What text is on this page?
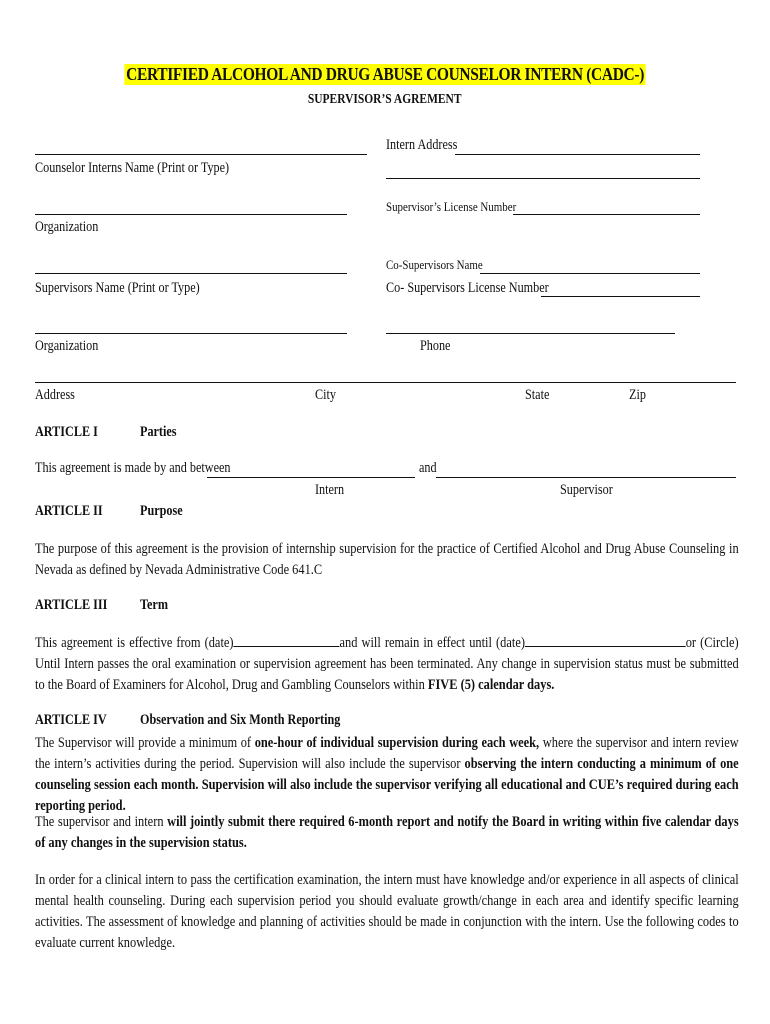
CERTIFIED ALCOHOL AND DRUG ABUSE COUNSELOR INTERN (CADC-)
SUPERVISOR’S AGREMENT
Counselor Interns Name (Print or Type)
Organization
Supervisors Name (Print or Type)
Organization
Intern Address
Supervisor’s License Number
Co-Supervisors Name
Co- Supervisors License Number
Phone
Address	City	State	Zip
ARTICLE I	Parties
This agreement is made by and between	and
Intern	Supervisor
ARTICLE II	Purpose

The purpose of this agreement is the provision of internship supervision for the practice of Certified Alcohol and Drug Abuse Counseling in Nevada as defined by Nevada Administrative Code 641.C

ARTICLE III Term

This agreement is effective from (date)	and will remain in effect until (date)	or (Circle) Until Intern passes the oral examination or supervision agreement has been terminated. Any change in supervision status must be submitted to the Board of Examiners for Alcohol, Drug and Gambling Counselors within FIVE (5) calendar days.

ARTICLE IV Observation and Six Month Reporting

The Supervisor will provide a minimum of one-hour of individual supervision during each week, where the supervisor and intern review the intern’s activities during the period. Supervision will also include the supervisor observing the intern conducting a minimum of one counseling session each month. Supervision will also include the supervisor verifying all educational and CUE’s required during each reporting period.

The supervisor and intern will jointly submit there required 6-month report and notify the Board in writing within five calendar days of any changes in the supervision status.

In order for a clinical intern to pass the certification examination, the intern must have knowledge and/or experience in all aspects of clinical mental health counseling. During each supervision period you should evaluate growth/change in each area and identify specific learning activities. The assessment of knowledge and planning of activities should be made in conjunction with the intern. Use the following codes to evaluate current knowledge.
